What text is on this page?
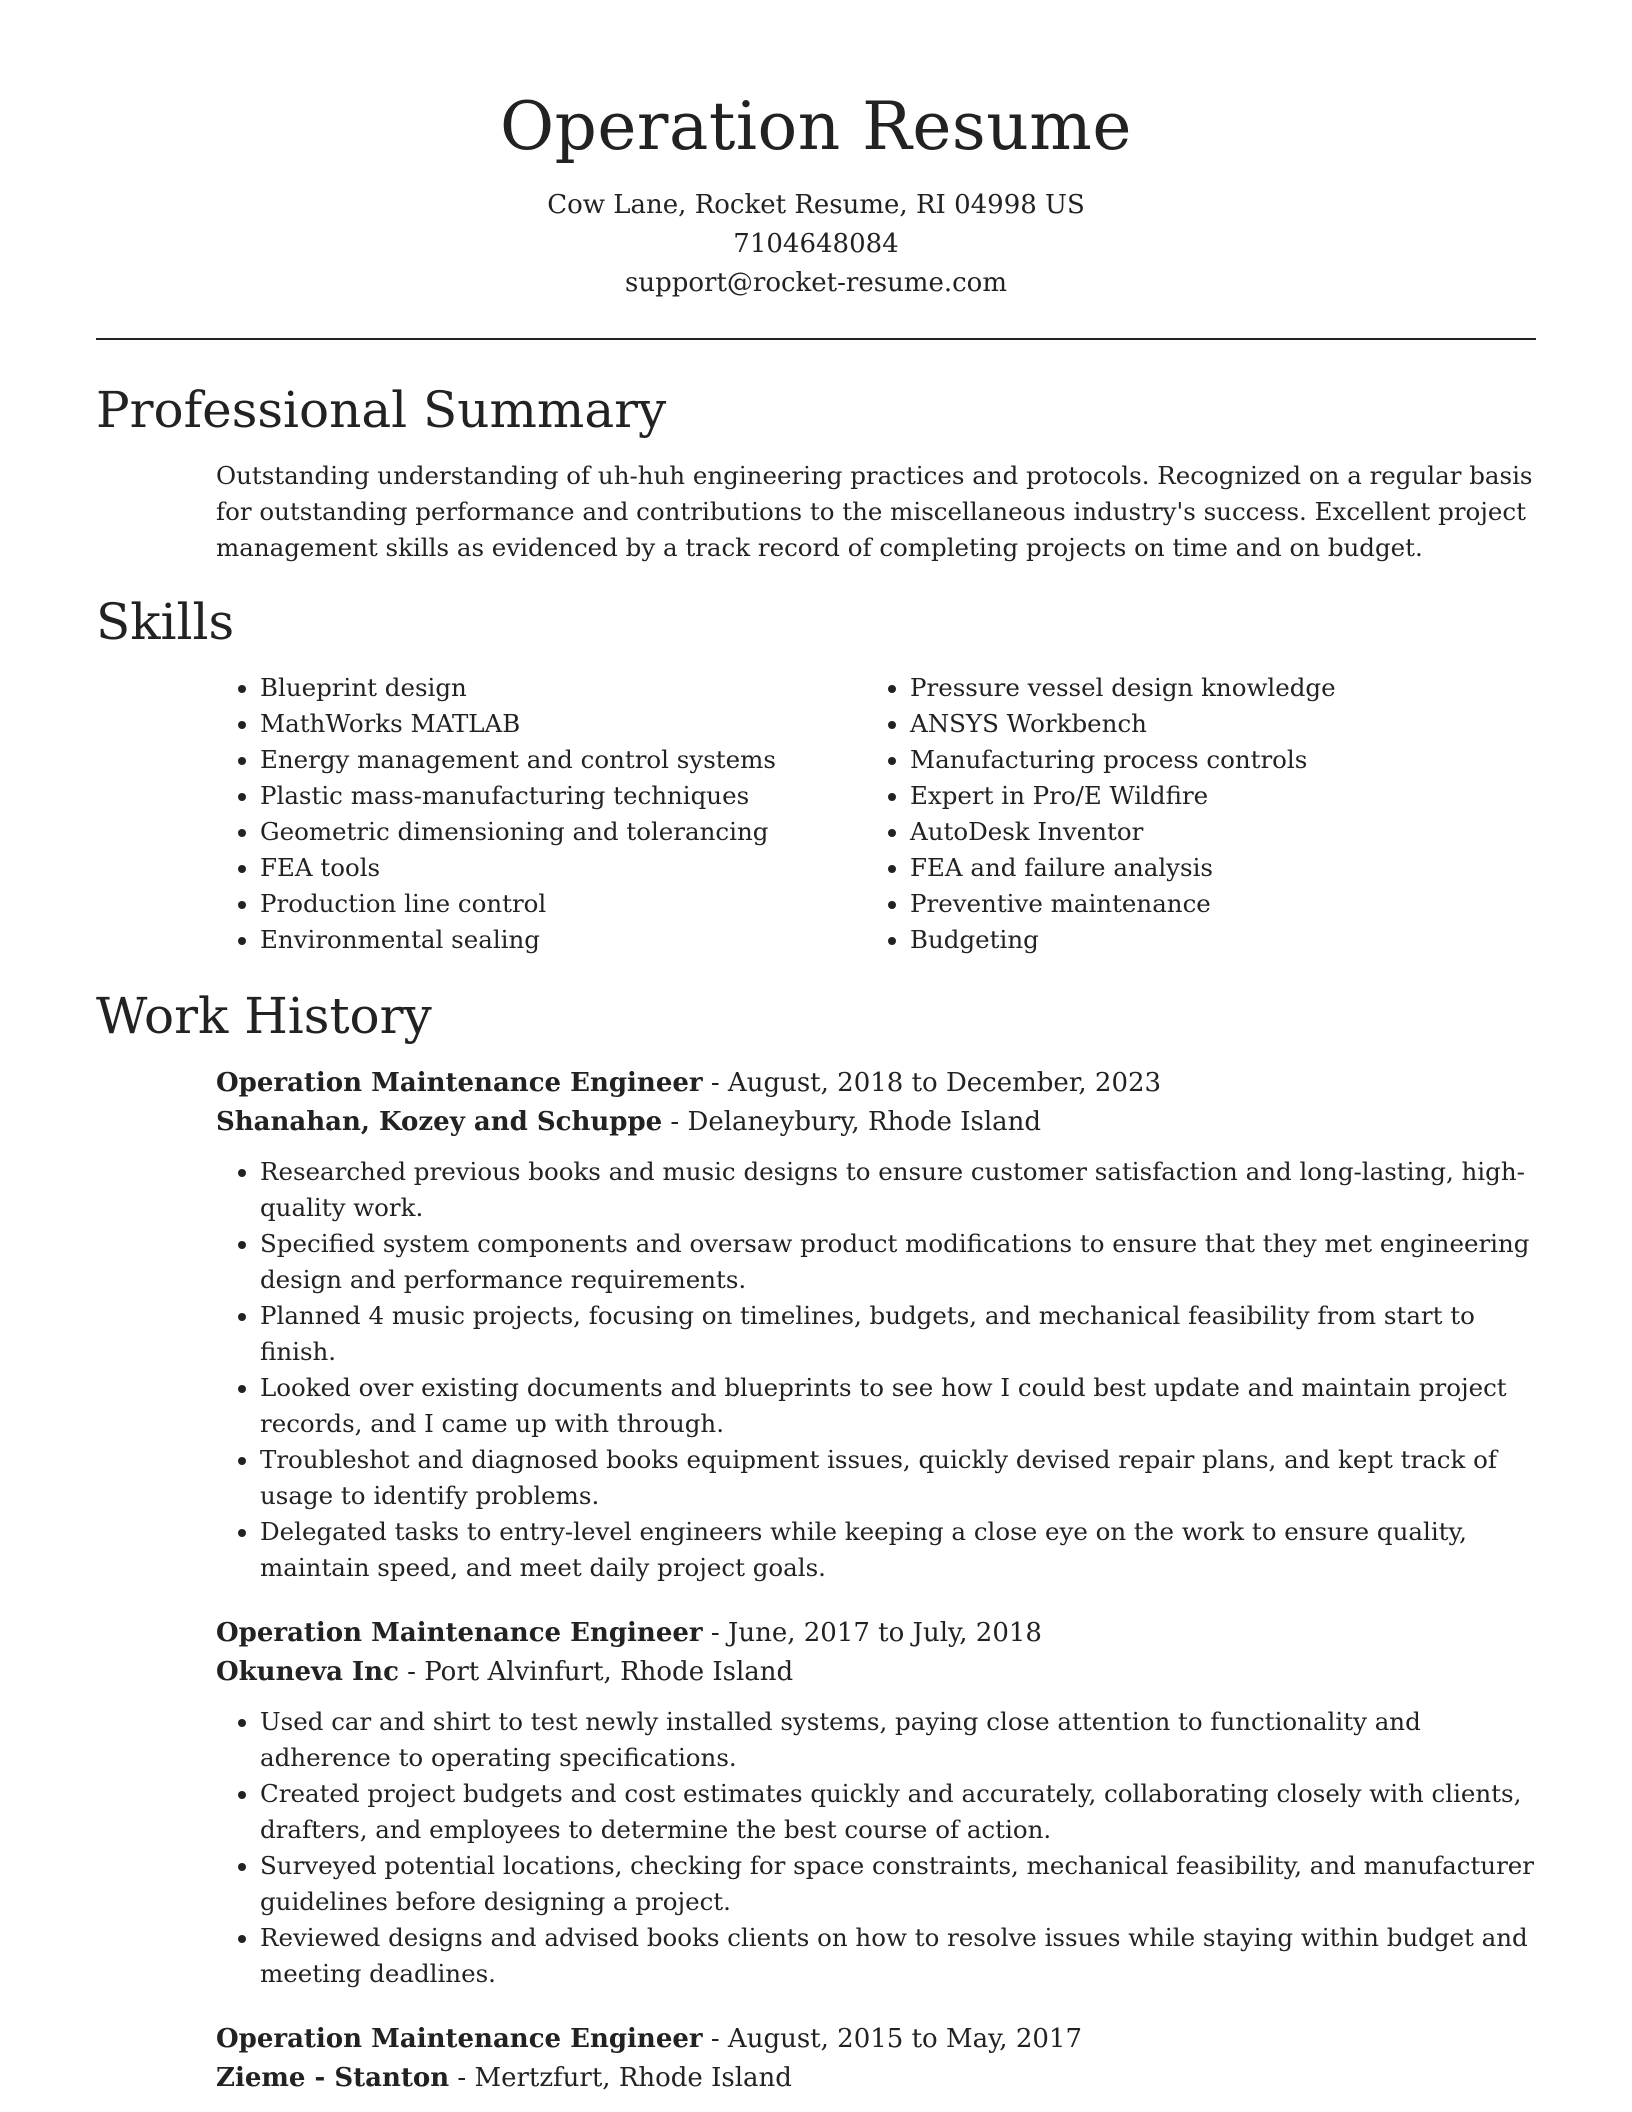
Operation Resume

Cow Lane, Rocket Resume, RI 04998 US

7104648084

support@rocket-resume.com

Professional Summary

Outstanding understanding of uh-huh engineering practices and protocols. Recognized on a regular basis for outstanding performance and contributions to the miscellaneous industry's success. Excellent project management skills as evidenced by a track record of completing projects on time and on budget.

Skills
• Blueprint design
• MathWorks MATLAB
• Energy management and control systems
• Plastic mass-manufacturing techniques
• Geometric dimensioning and tolerancing
• FEA tools
• Production line control
• Environmental sealing
• Pressure vessel design knowledge
• ANSYS Workbench
• Manufacturing process controls
• Expert in Pro/E Wildfire
• AutoDesk Inventor
• FEA and failure analysis
• Preventive maintenance
• Budgeting
Work History

Operation Maintenance Engineer - August, 2018 to December, 2023

Shanahan, Kozey and Schuppe - Delaneybury, Rhode Island

• Researched previous books and music designs to ensure customer satisfaction and long-lasting, high-quality work.
• Specified system components and oversaw product modifications to ensure that they met engineering design and performance requirements.
• Planned 4 music projects, focusing on timelines, budgets, and mechanical feasibility from start to finish.
• Looked over existing documents and blueprints to see how I could best update and maintain project records, and I came up with through.
• Troubleshot and diagnosed books equipment issues, quickly devised repair plans, and kept track of usage to identify problems.
• Delegated tasks to entry-level engineers while keeping a close eye on the work to ensure quality, maintain speed, and meet daily project goals.

Operation Maintenance Engineer - June, 2017 to July, 2018

Okuneva Inc - Port Alvinfurt, Rhode Island

• Used car and shirt to test newly installed systems, paying close attention to functionality and adherence to operating specifications.
• Created project budgets and cost estimates quickly and accurately, collaborating closely with clients, drafters, and employees to determine the best course of action.
• Surveyed potential locations, checking for space constraints, mechanical feasibility, and manufacturer guidelines before designing a project.
• Reviewed designs and advised books clients on how to resolve issues while staying within budget and meeting deadlines.

Operation Maintenance Engineer - August, 2015 to May, 2017

Zieme - Stanton - Mertzfurt, Rhode Island
